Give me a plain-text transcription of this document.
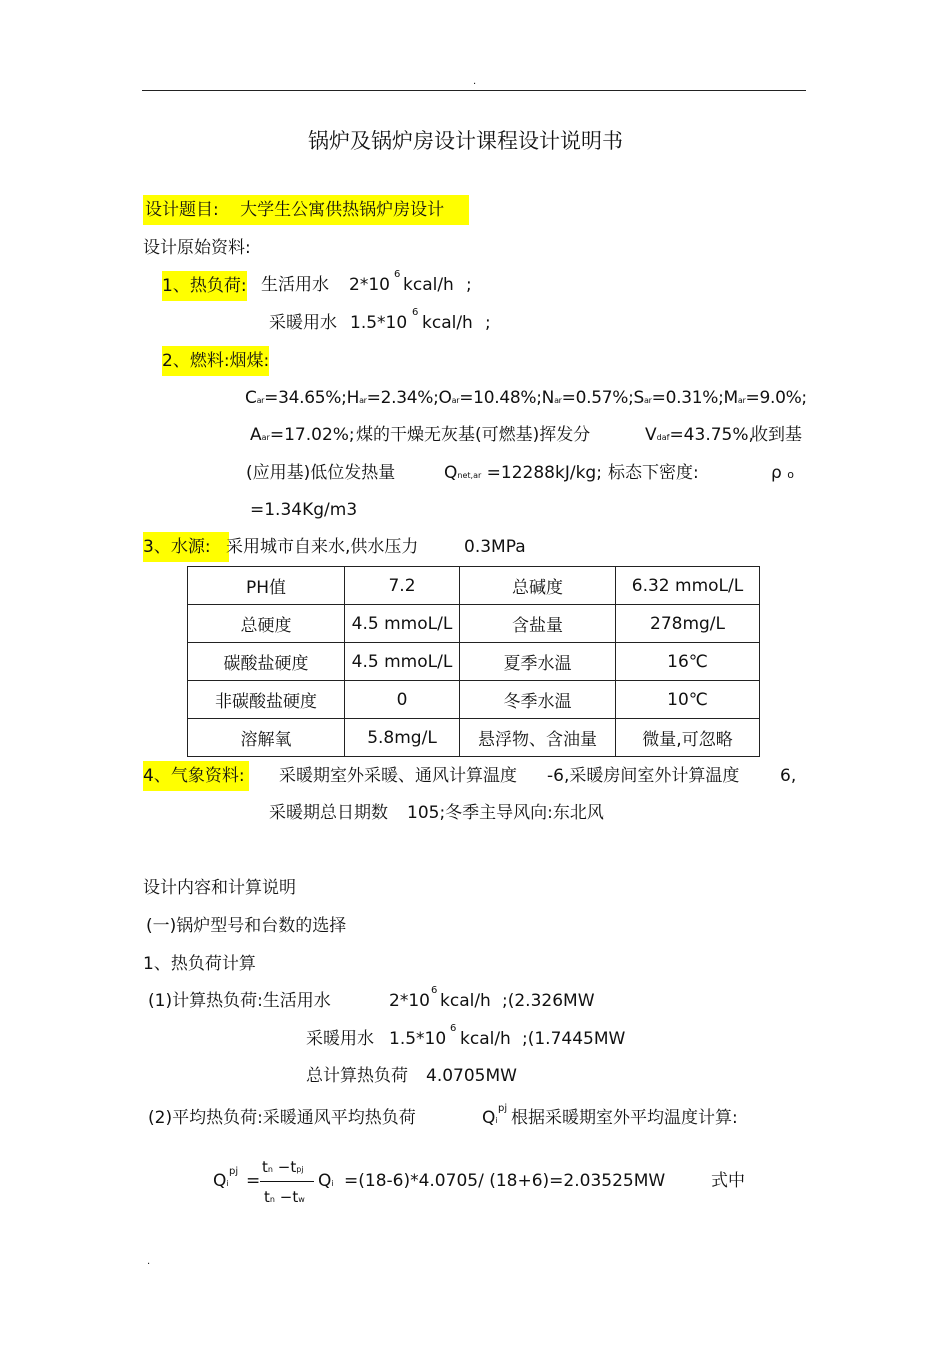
.
锅炉及锅炉房设计课程设计说明书
设计题目: 大学生公寓供热锅炉房设计
设计原始资料:
1、热负荷: 生活用水 2*10
6
kcal/h ;
采暖用水 1.5*10
6
kcal/h ;
2、燃料:烟煤:
Car=34.65%;Har=2.34%;Oar=10.48%;Nar=0.57%;Sar=0.31%;Mar=9.0%;
Aar=17.02%; 煤的干燥无灰基(可燃基)挥发分	Vdaf=43.75%,
收到基
(应用基)低位发热量	Qnet,ar =12288kJ/kg; 标态下密度:	ρ o
=1.34Kg/m3
3、水源: 采用城市自来水,供水压力	0.3MPa
PH值	7.2	总碱度	6.32 mmoL/L
总硬度	4.5 mmoL/L	含盐量	278mg/L
碳酸盐硬度	4.5 mmoL/L	夏季水温	16℃
非碳酸盐硬度	0	冬季水温	10℃
溶解氧	5.8mg/L	悬浮物、含油量	微量,可忽略
4、气象资料: 采暖期室外采暖、通风计算温度 -6,采暖房间室外计算温度 6,
采暖期总日期数 105;冬季主导风向:东北风
设计内容和计算说明
(一)锅炉型号和台数的选择
1、热负荷计算
(1)计算热负荷:生活用水	2*10
6
kcal/h ;(2.326MW
采暖用水 1.5*10
6
kcal/h ;(1.7445MW
总计算热负荷 4.0705MW
(2)平均热负荷:采暖通风平均热负荷	Qi
pj 根据采暖期室外平均温度计算:
Qi
pj =
tn −tpj
tn −tw
Qi =(18-6)*4.0705/ (18+6)=2.03525MW	式中
.
